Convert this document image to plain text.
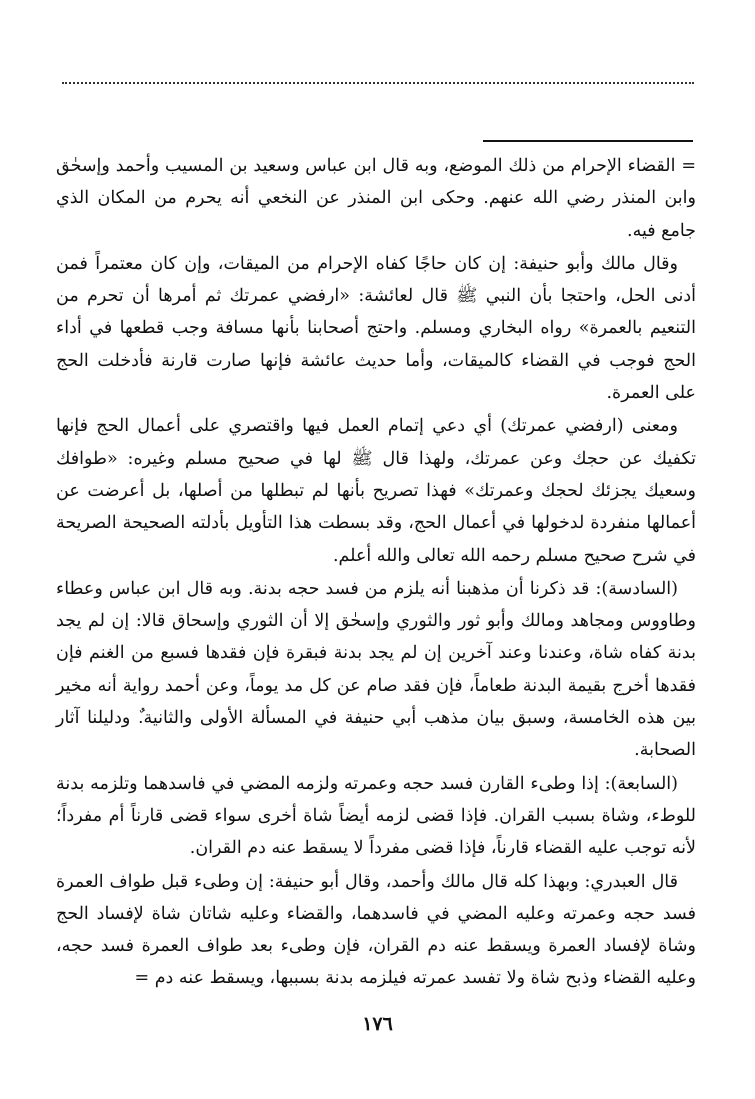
= القضاء الإحرام من ذلك الموضع، وبه قال ابن عباس وسعيد بن المسيب وأحمد وإسحٰق وابن المنذر رضي الله عنهم. وحكى ابن المنذر عن النخعي أنه يحرم من المكان الذي جامع فيه.

وقال مالك وأبو حنيفة: إن كان حاجًا كفاه الإحرام من الميقات، وإن كان معتمراً فمن أدنى الحل، واحتجا بأن النبي ﷺ قال لعائشة: «ارفضي عمرتك ثم أمرها أن تحرم من التنعيم بالعمرة» رواه البخاري ومسلم. واحتج أصحابنا بأنها مسافة وجب قطعها في أداء الحج فوجب في القضاء كالميقات، وأما حديث عائشة فإنها صارت قارنة فأدخلت الحج على العمرة.

ومعنى (ارفضي عمرتك) أي دعي إتمام العمل فيها واقتصري على أعمال الحج فإنها تكفيك عن حجك وعن عمرتك، ولهذا قال ﷺ لها في صحيح مسلم وغيره: «طوافك وسعيك يجزئك لحجك وعمرتك» فهذا تصريح بأنها لم تبطلها من أصلها، بل أعرضت عن أعمالها منفردة لدخولها في أعمال الحج، وقد بسطت هذا التأويل بأدلته الصحيحة الصريحة في شرح صحيح مسلم رحمه الله تعالى والله أعلم.

(السادسة): قد ذكرنا أن مذهبنا أنه يلزم من فسد حجه بدنة. وبه قال ابن عباس وعطاء وطاووس ومجاهد ومالك وأبو ثور والثوري وإسحٰق إلا أن الثوري وإسحاق قالا: إن لم يجد بدنة كفاه شاة، وعندنا وعند آخرين إن لم يجد بدنة فبقرة فإن فقدها فسبع من الغنم فإن فقدها أخرج بقيمة البدنة طعاماً، فإن فقد صام عن كل مد يوماً، وعن أحمد رواية أنه مخير بين هذه الخامسة، وسبق بيان مذهب أبي حنيفة في المسألة الأولى والثانية.ٌ ودليلنا آثار الصحابة.

(السابعة): إذا وطىء القارن فسد حجه وعمرته ولزمه المضي في فاسدهما وتلزمه بدنة للوطء، وشاة بسبب القران. فإذا قضى لزمه أيضاً شاة أخرى سواء قضى قارناً أم مفرداً؛ لأنه توجب عليه القضاء قارناً، فإذا قضى مفرداً لا يسقط عنه دم القران.

قال العبدري: وبهذا كله قال مالك وأحمد، وقال أبو حنيفة: إن وطىء قبل طواف العمرة فسد حجه وعمرته وعليه المضي في فاسدهما، والقضاء وعليه شاتان شاة لإفساد الحج وشاة لإفساد العمرة ويسقط عنه دم القران، فإن وطىء بعد طواف العمرة فسد حجه، وعليه القضاء وذبح شاة ولا تفسد عمرته فيلزمه بدنة بسببها، ويسقط عنه دم =

١٧٦
